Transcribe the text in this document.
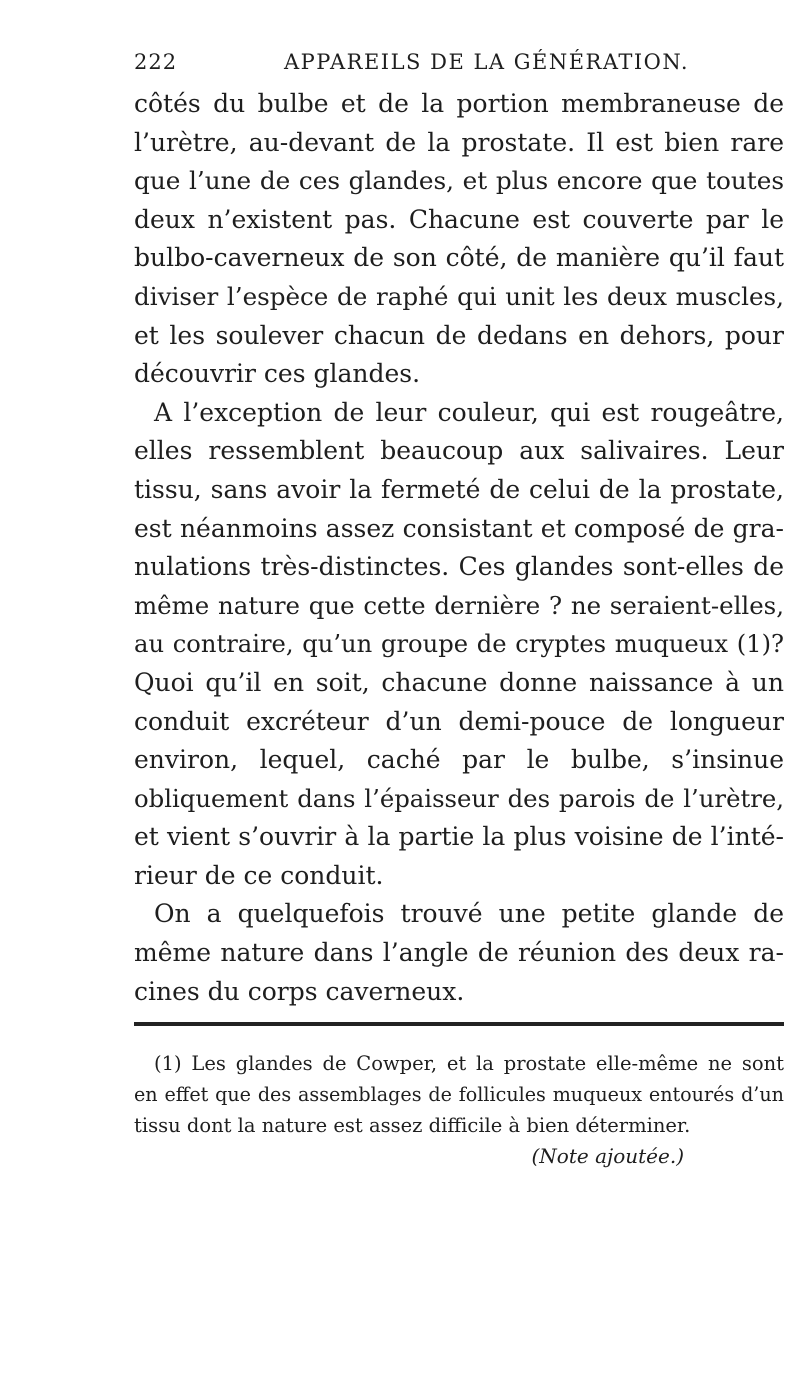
222	APPAREILS DE LA GÉNÉRATION.
côtés du bulbe et de la portion membraneuse de
l’urètre, au-devant de la prostate. Il est bien rare
que l’une de ces glandes, et plus encore que toutes
deux n’existent pas. Chacune est couverte par le
bulbo-caverneux de son côté, de manière qu’il faut
diviser l’espèce de raphé qui unit les deux muscles,
et les soulever chacun de dedans en dehors, pour
découvrir ces glandes.
A l’exception de leur couleur, qui est rougeâtre,
elles ressemblent beaucoup aux salivaires. Leur
tissu, sans avoir la fermeté de celui de la prostate,
est néanmoins assez consistant et composé de gra-
nulations très-distinctes. Ces glandes sont-elles de
même nature que cette dernière ? ne seraient-elles,
au contraire, qu’un groupe de cryptes muqueux (1)?
Quoi qu’il en soit, chacune donne naissance à un
conduit excréteur d’un demi-pouce de longueur
environ, lequel, caché par le bulbe, s’insinue
obliquement dans l’épaisseur des parois de l’urètre,
et vient s’ouvrir à la partie la plus voisine de l’inté-
rieur de ce conduit.
On a quelquefois trouvé une petite glande de
même nature dans l’angle de réunion des deux ra-
cines du corps caverneux.
(1) Les glandes de Cowper, et la prostate elle-même ne sont
en effet que des assemblages de follicules muqueux entourés d’un
tissu dont la nature est assez difficile à bien déterminer.
(Note ajoutée.)
